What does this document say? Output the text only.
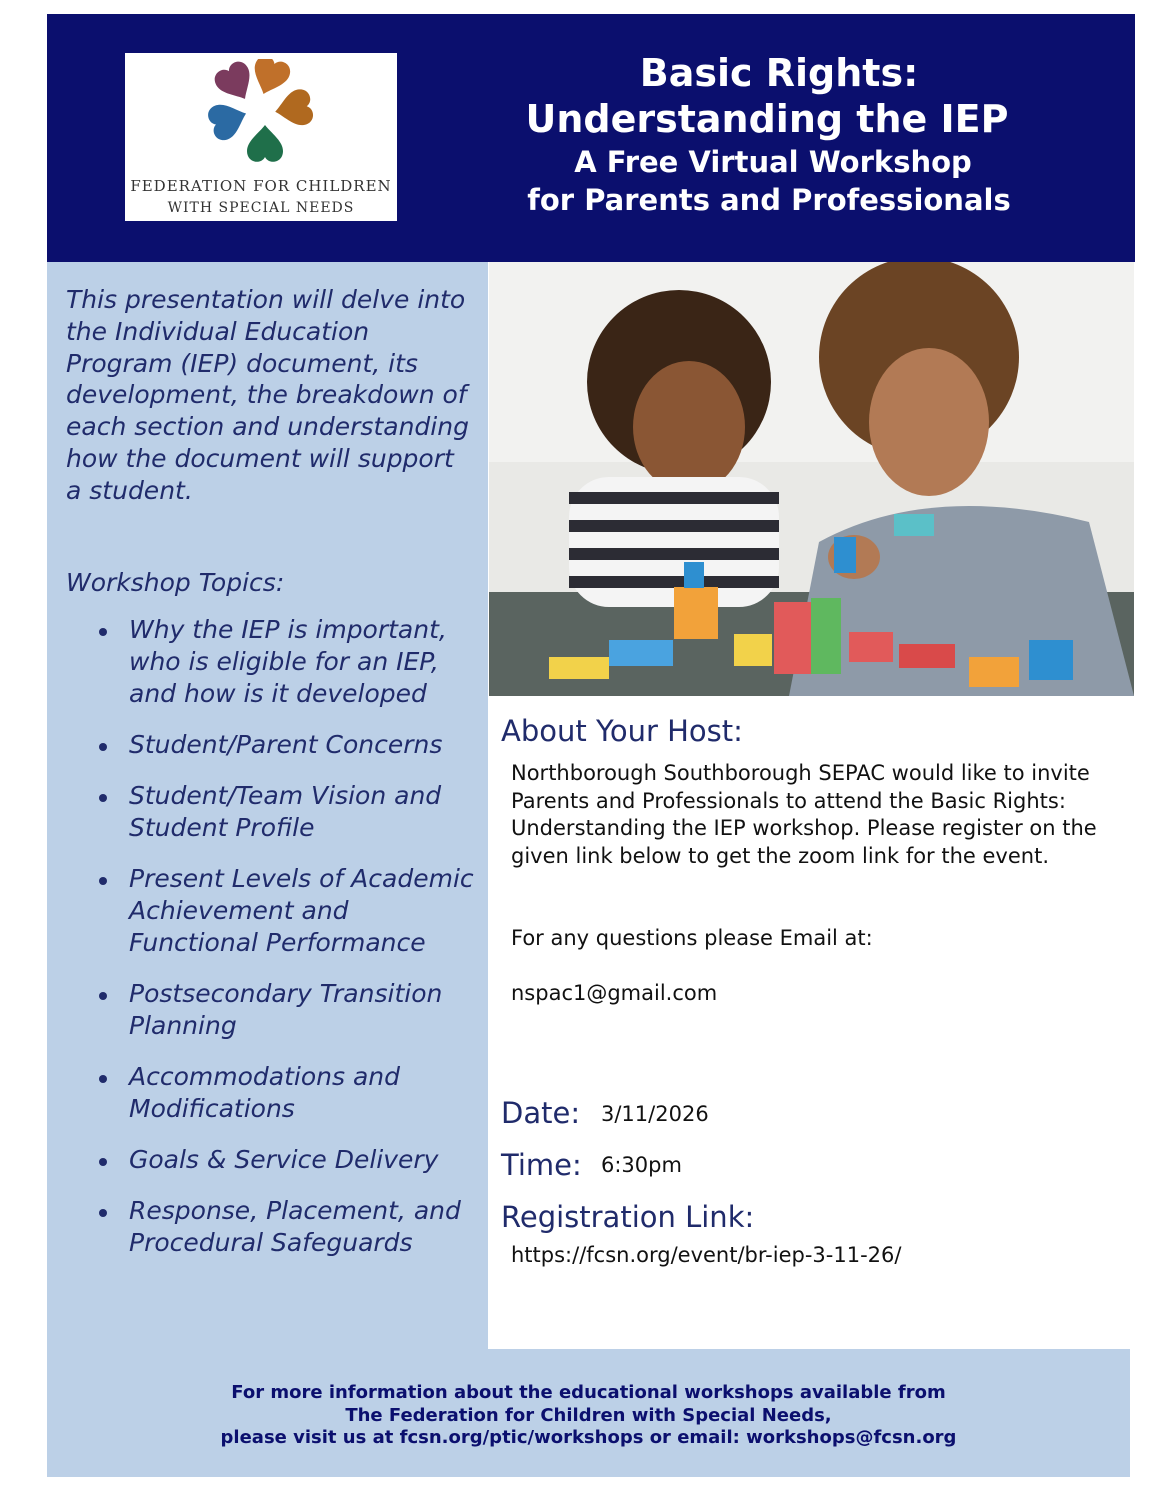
FEDERATION FOR CHILDREN
WITH SPECIAL NEEDS
Basic Rights:
Understanding the IEP
A Free Virtual Workshop
for Parents and Professionals
This presentation will delve into the Individual Education Program (IEP) document, its development, the breakdown of each section and understanding how the document will support a student.
Workshop Topics:
Why the IEP is important, who is eligible for an IEP, and how is it developed
Student/Parent Concerns
Student/Team Vision and Student Profile
Present Levels of Academic Achievement and Functional Performance
Postsecondary Transition Planning
Accommodations and Modifications
Goals & Service Delivery
Response, Placement, and Procedural Safeguards
About Your Host:
Northborough Southborough SEPAC would like to invite Parents and Professionals to attend the Basic Rights: Understanding the IEP workshop. Please register on the given link below to get the zoom link for the event.
For any questions please Email at:
nspac1@gmail.com
Date: 3/11/2026
Time: 6:30pm
Registration Link:
https://fcsn.org/event/br-iep-3-11-26/
For more information about the educational workshops available from
The Federation for Children with Special Needs,
please visit us at fcsn.org/ptic/workshops or email: workshops@fcsn.org
